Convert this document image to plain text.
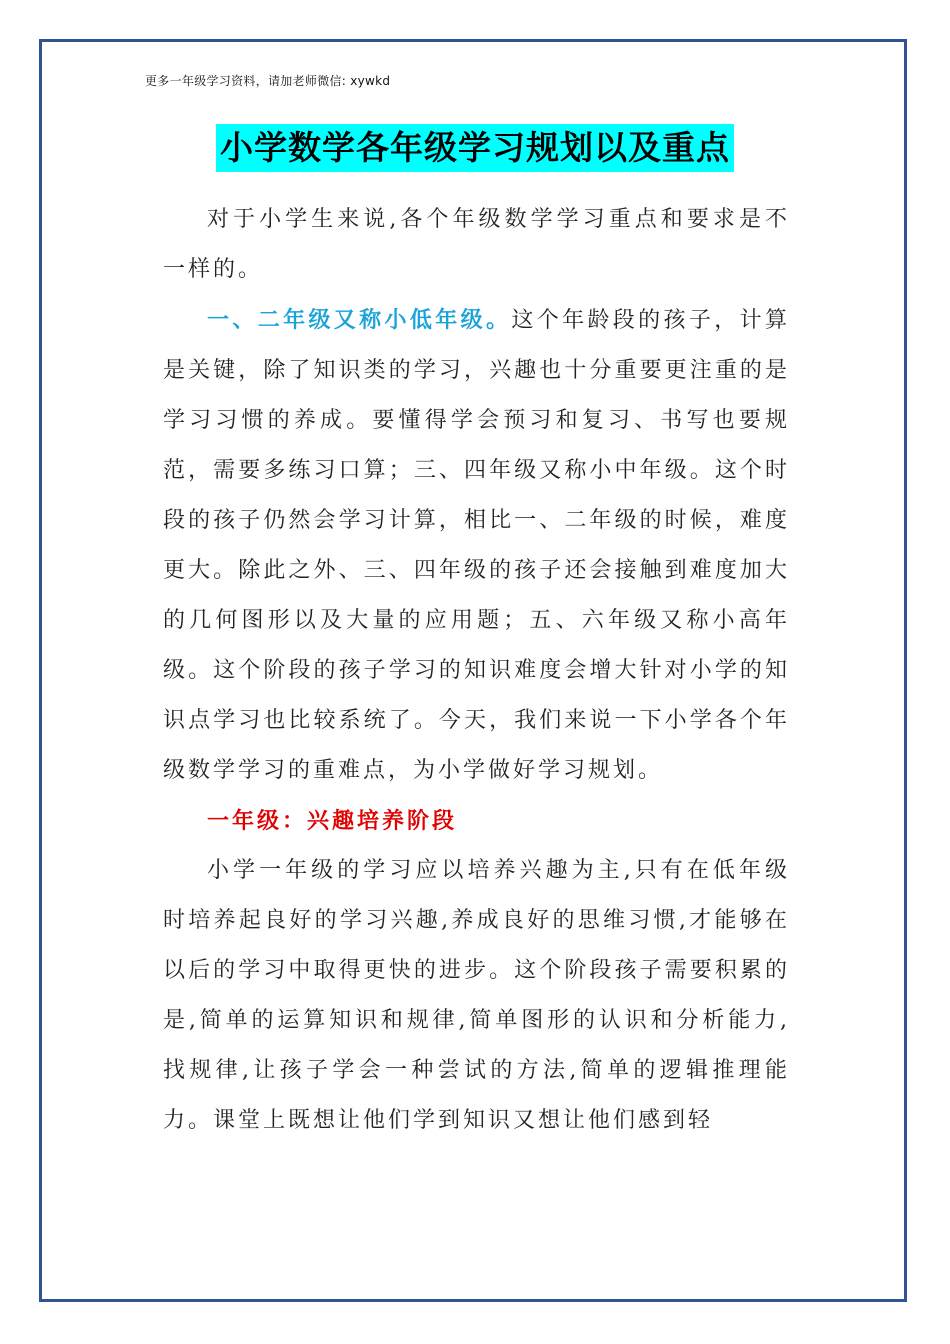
更多一年级学习资料，请加老师微信: xywkd
小学数学各年级学习规划以及重点

对于小学生来说,各个年级数学学习重点和要求是不一样的。

一、二年级又称小低年级。这个年龄段的孩子，计算是关键，除了知识类的学习，兴趣也十分重要更注重的是学习习惯的养成。要懂得学会预习和复习、书写也要规范，需要多练习口算；三、四年级又称小中年级。这个时段的孩子仍然会学习计算，相比一、二年级的时候，难度更大。除此之外、三、四年级的孩子还会接触到难度加大的几何图形以及大量的应用题；五、六年级又称小高年级。这个阶段的孩子学习的知识难度会增大针对小学的知识点学习也比较系统了。今天，我们来说一下小学各个年级数学学习的重难点，为小学做好学习规划。

一年级：兴趣培养阶段

小学一年级的学习应以培养兴趣为主,只有在低年级时培养起良好的学习兴趣,养成良好的思维习惯,才能够在以后的学习中取得更快的进步。这个阶段孩子需要积累的是,简单的运算知识和规律,简单图形的认识和分析能力,找规律,让孩子学会一种尝试的方法,简单的逻辑推理能力。课堂上既想让他们学到知识又想让他们感到轻
